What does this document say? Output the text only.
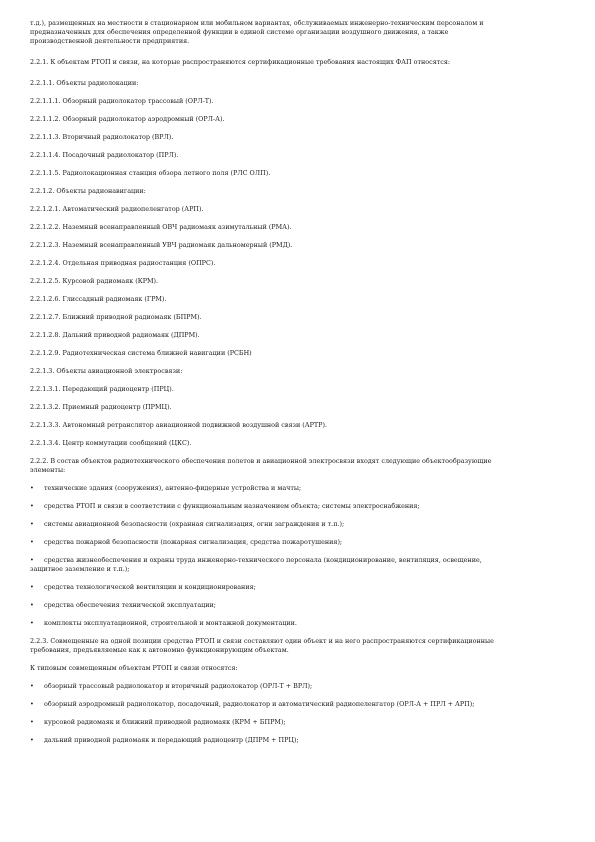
т.д.), размещенных на местности в стационарном или мобильном вариантах, обслуживаемых инженерно-техническим персоналом и
предназначенных для обеспечения определенной функции в единой системе организации воздушного движения, а также
производственной деятельности предприятия.

2.2.1. К объектам РТОП и связи, на которые распространяются сертификационные требования настоящих ФАП относятся:

2.2.1.1. Объекты радиолокации:

2.2.1.1.1. Обзорный радиолокатор трассовый (ОРЛ-Т).

2.2.1.1.2. Обзорный радиолокатор аэродромный (ОРЛ-А).

2.2.1.1.3. Вторичный радиолокатор (ВРЛ).

2.2.1.1.4. Посадочный радиолокатор (ПРЛ).

2.2.1.1.5. Радиолокационная станция обзора летного поля (РЛС ОЛП).

2.2.1.2. Объекты радионавигации:

2.2.1.2.1. Автоматический радиопеленгатор (АРП).

2.2.1.2.2. Наземный всенаправленный ОВЧ радиомаяк азимутальный (РМА).

2.2.1.2.3. Наземный всенаправленный УВЧ радиомаяк дальномерный (РМД).

2.2.1.2.4. Отдельная приводная радиостанция (ОПРС).

2.2.1.2.5. Курсовой радиомаяк (КРМ).

2.2.1.2.6. Глиссадный радиомаяк (ГРМ).

2.2.1.2.7. Ближний приводной радиомаяк (БПРМ).

2.2.1.2.8. Дальний приводной радиомаяк (ДПРМ).

2.2.1.2.9. Радиотехническая система ближней навигации (РСБН)

2.2.1.3. Объекты авиационной электросвязи:

2.2.1.3.1. Передающий радиоцентр (ПРЦ).

2.2.1.3.2. Приемный радиоцентр (ПРМЦ).

2.2.1.3.3. Автономный ретранслятор авиационной подвижной воздушной связи (АРТР).

2.2.1.3.4. Центр коммутации сообщений (ЦКС).

2.2.2. В состав объектов радиотехнического обеспечения полетов и авиационной электросвязи входят следующие объектообразующие
элементы:

•	технические здания (сооружения), антенно-фидерные устройства и мачты;
•	средства РТОП и связи в соответствии с функциональным назначением объекта; системы электроснабжения;
•	системы авиационной безопасности (охранная сигнализация, огни заграждения и т.п.);
•	средства пожарной безопасности (пожарная сигнализация, средства пожаротушения);
•	средства жизнеобеспечения и охраны труда инженерно-технического персонала (кондиционирование, вентиляция, освещение,

защитное заземление и т.п.);

•	средства технологической вентиляции и кондиционирования;
•	средства обеспечения технической эксплуатации;
•	комплекты эксплуатационной, строительной и монтажной документации.

2.2.3. Совмещенные на одной позиции средства РТОП и связи составляют один объект и на него распространяются сертификационные
требования, предъявляемые как к автономно функционирующим объектам.

К типовым совмещенным объектам РТОП и связи относятся:

•	обзорный трассовый радиолокатор и вторичный радиолокатор (ОРЛ-Т + ВРЛ);
•	обзорный аэродромный радиолокатор, посадочный, радиолокатор и автоматический радиопеленгатор (ОРЛ-А + ПРЛ + АРП);
•	курсовой радиомаяк и ближний приводной радиомаяк (КРМ + БПРМ);
•	дальний приводной радиомаяк и передающий радиоцентр (ДПРМ + ПРЦ);
